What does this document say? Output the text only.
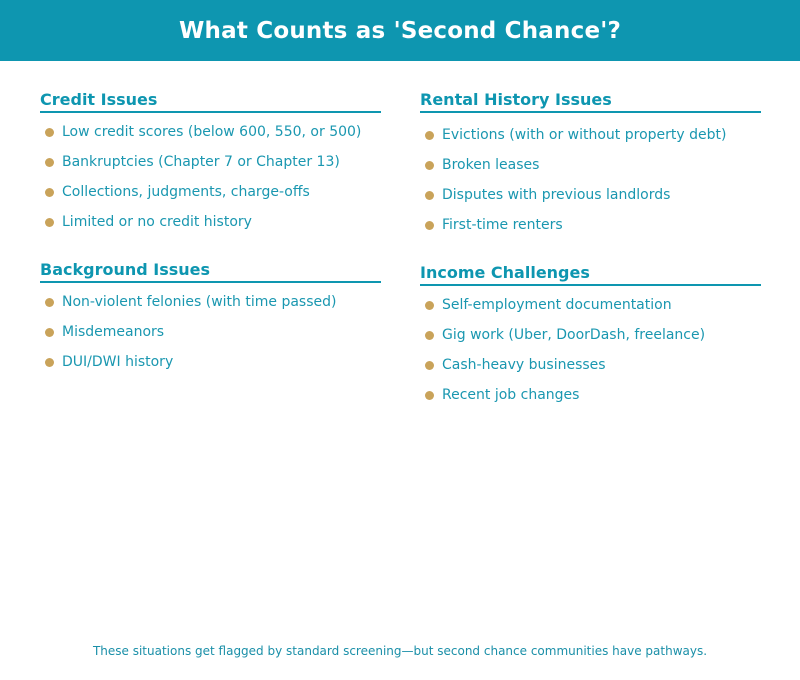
What Counts as 'Second Chance'?
Credit Issues
Low credit scores (below 600, 550, or 500)
Bankruptcies (Chapter 7 or Chapter 13)
Collections, judgments, charge-offs
Limited or no credit history
Background Issues
Non-violent felonies (with time passed)
Misdemeanors
DUI/DWI history
Rental History Issues
Evictions (with or without property debt)
Broken leases
Disputes with previous landlords
First-time renters
Income Challenges
Self-employment documentation
Gig work (Uber, DoorDash, freelance)
Cash-heavy businesses
Recent job changes
These situations get flagged by standard screening—but second chance communities have pathways.
